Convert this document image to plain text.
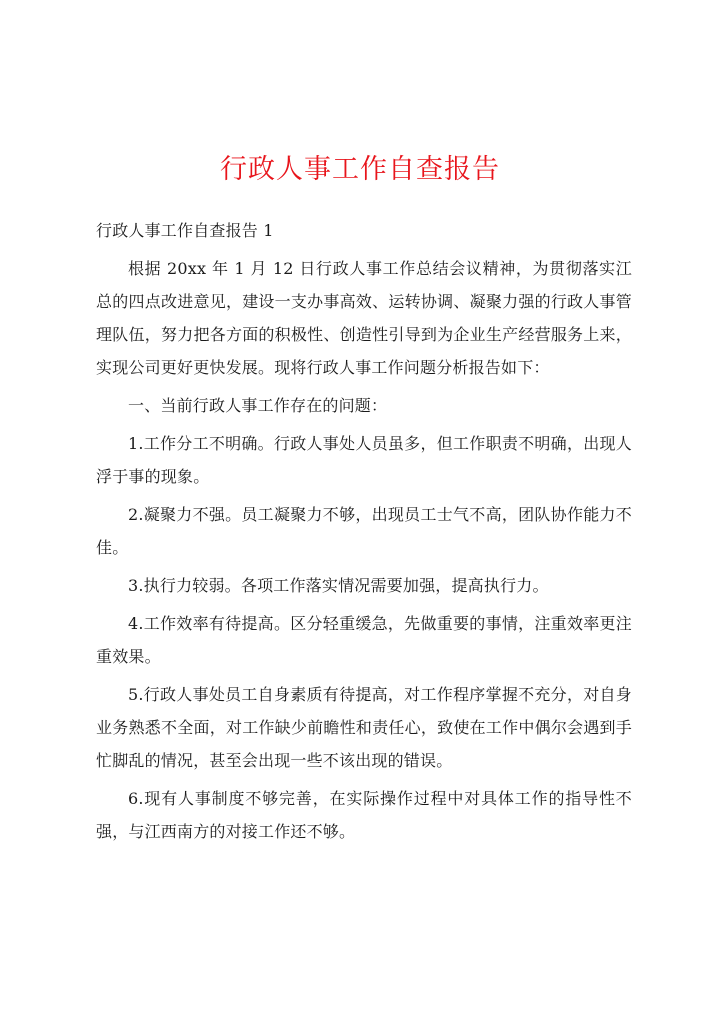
行政人事工作自查报告
行政人事工作自查报告 1

根据 20xx 年 1 月 12 日行政人事工作总结会议精神，为贯彻落实江总的四点改进意见，建设一支办事高效、运转协调、凝聚力强的行政人事管理队伍，努力把各方面的积极性、创造性引导到为企业生产经营服务上来，实现公司更好更快发展。现将行政人事工作问题分析报告如下：

一、当前行政人事工作存在的问题：

1.工作分工不明确。行政人事处人员虽多，但工作职责不明确，出现人浮于事的现象。

2.凝聚力不强。员工凝聚力不够，出现员工士气不高，团队协作能力不佳。

3.执行力较弱。各项工作落实情况需要加强，提高执行力。

4.工作效率有待提高。区分轻重缓急，先做重要的事情，注重效率更注重效果。

5.行政人事处员工自身素质有待提高，对工作程序掌握不充分，对自身业务熟悉不全面，对工作缺少前瞻性和责任心，致使在工作中偶尔会遇到手忙脚乱的情况，甚至会出现一些不该出现的错误。

6.现有人事制度不够完善，在实际操作过程中对具体工作的指导性不强，与江西南方的对接工作还不够。
